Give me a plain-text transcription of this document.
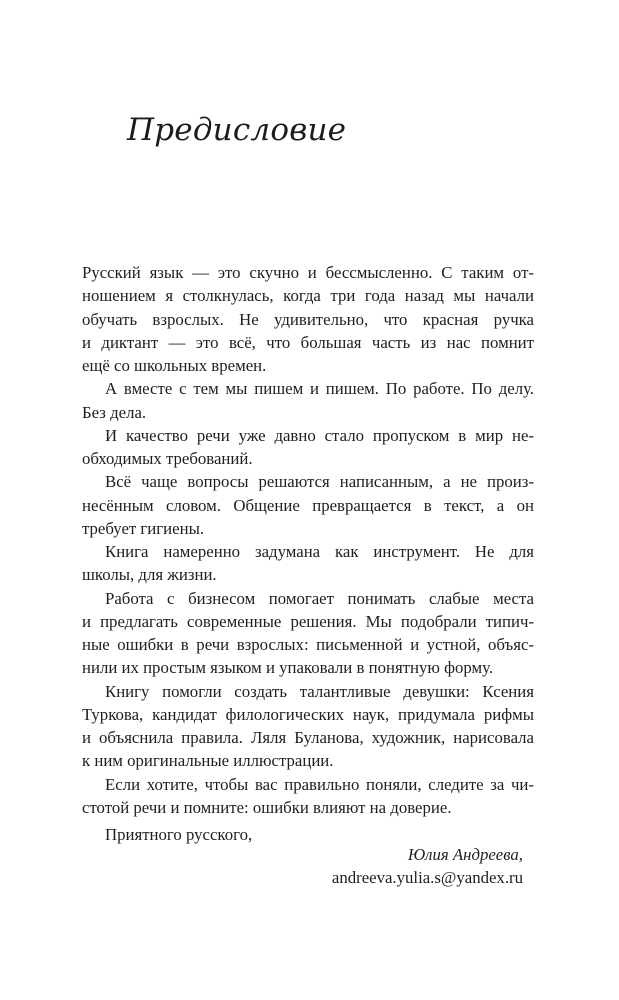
Предисловие
Русский язык — это скучно и бессмысленно. С таким от-
ношением я столкнулась, когда три года назад мы начали
обучать взрослых. Не удивительно, что красная ручка
и диктант — это всё, что большая часть из нас помнит
ещё со школьных времен.
А вместе с тем мы пишем и пишем. По работе. По делу.
Без дела.
И качество речи уже давно стало пропуском в мир не-
обходимых требований.
Всё чаще вопросы решаются написанным, а не произ-
несённым словом. Общение превращается в текст, а он
требует гигиены.
Книга намеренно задумана как инструмент. Не для
школы, для жизни.
Работа с бизнесом помогает понимать слабые места
и предлагать современные решения. Мы подобрали типич-
ные ошибки в речи взрослых: письменной и устной, объяс-
нили их простым языком и упаковали в понятную форму.
Книгу помогли создать талантливые девушки: Ксения
Туркова, кандидат филологических наук, придумала рифмы
и объяснила правила. Ляля Буланова, художник, нарисовала
к ним оригинальные иллюстрации.
Если хотите, чтобы вас правильно поняли, следите за чи-
стотой речи и помните: ошибки влияют на доверие.
Приятного русского,
Юлия Андреева,
andreeva.yulia.s@yandex.ru
